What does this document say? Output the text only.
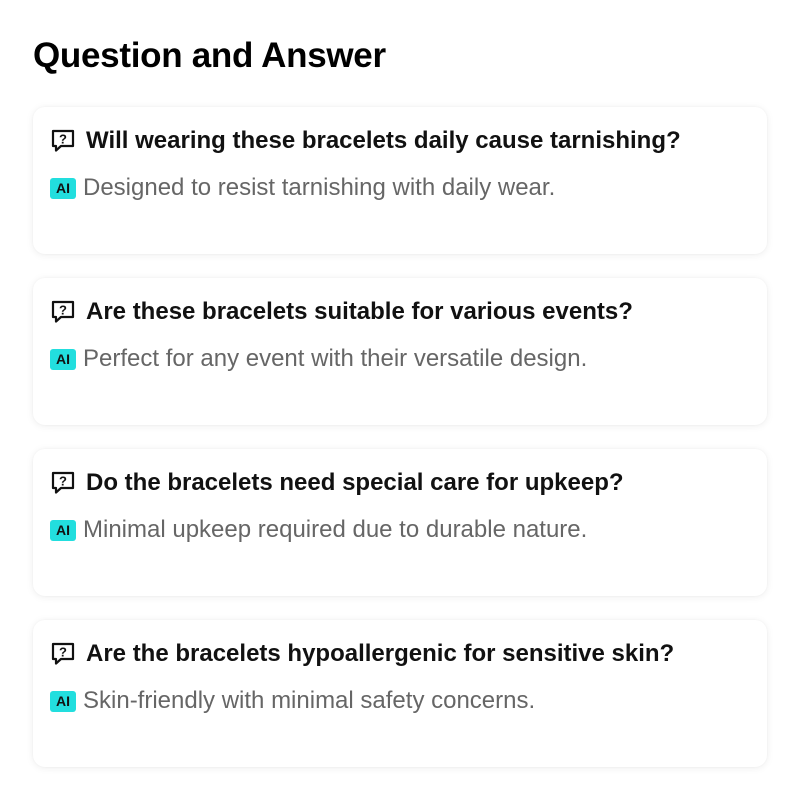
Question and Answer
? Will wearing these bracelets daily cause tarnishing?
AI Designed to resist tarnishing with daily wear.
? Are these bracelets suitable for various events?
AI Perfect for any event with their versatile design.
? Do the bracelets need special care for upkeep?
AI Minimal upkeep required due to durable nature.
? Are the bracelets hypoallergenic for sensitive skin?
AI Skin-friendly with minimal safety concerns.
